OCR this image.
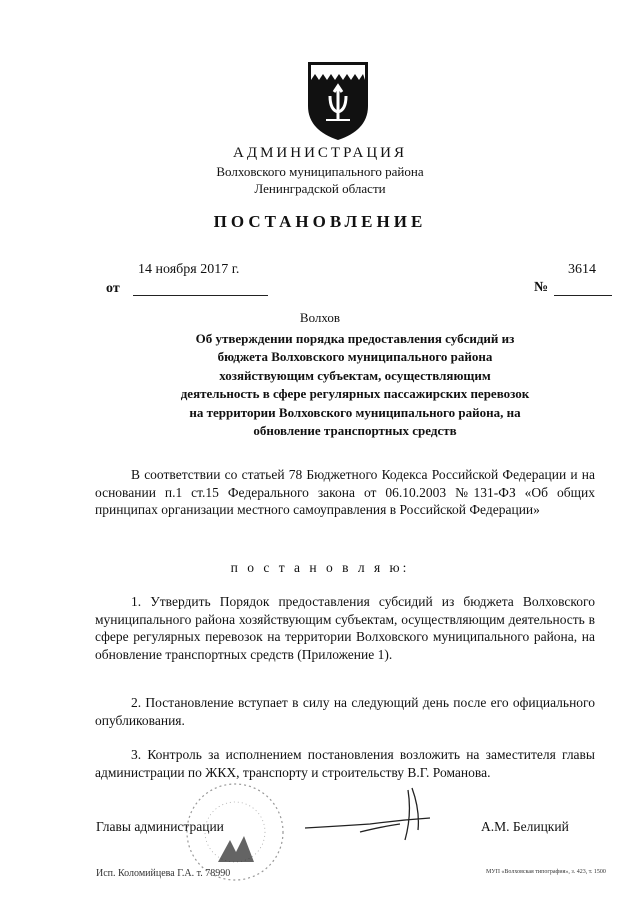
АДМИНИСТРАЦИЯ
Волховского муниципального района
Ленинградской области
ПОСТАНОВЛЕНИЕ
14 ноября 2017 г.	3614
от	№
Волхов
Об утверждении порядка предоставления субсидий из бюджета Волховского муниципального района хозяйствующим субъектам, осуществляющим деятельность в сфере регулярных пассажирских перевозок на территории Волховского муниципального района, на обновление транспортных средств
В соответствии со статьей 78 Бюджетного Кодекса Российской Федерации и на основании п.1 ст.15 Федерального закона от 06.10.2003 №131-ФЗ «Об общих принципах организации местного самоуправления в Российской Федерации»
п о с т а н о в л я ю:
1. Утвердить Порядок предоставления субсидий из бюджета Волховского муниципального района хозяйствующим субъектам, осуществляющим деятельность в сфере регулярных перевозок на территории Волховского муниципального района, на обновление транспортных средств (Приложение 1).
2. Постановление вступает в силу на следующий день после его официального опубликования.
3. Контроль за исполнением постановления возложить на заместителя главы администрации по ЖКХ, транспорту и строительству В.Г. Романова.
Главы администрации	А.М. Белицкий
Исп. Коломийцева Г.А. т. 78990	МУП «Волховская типография», з. 423, т. 1500
